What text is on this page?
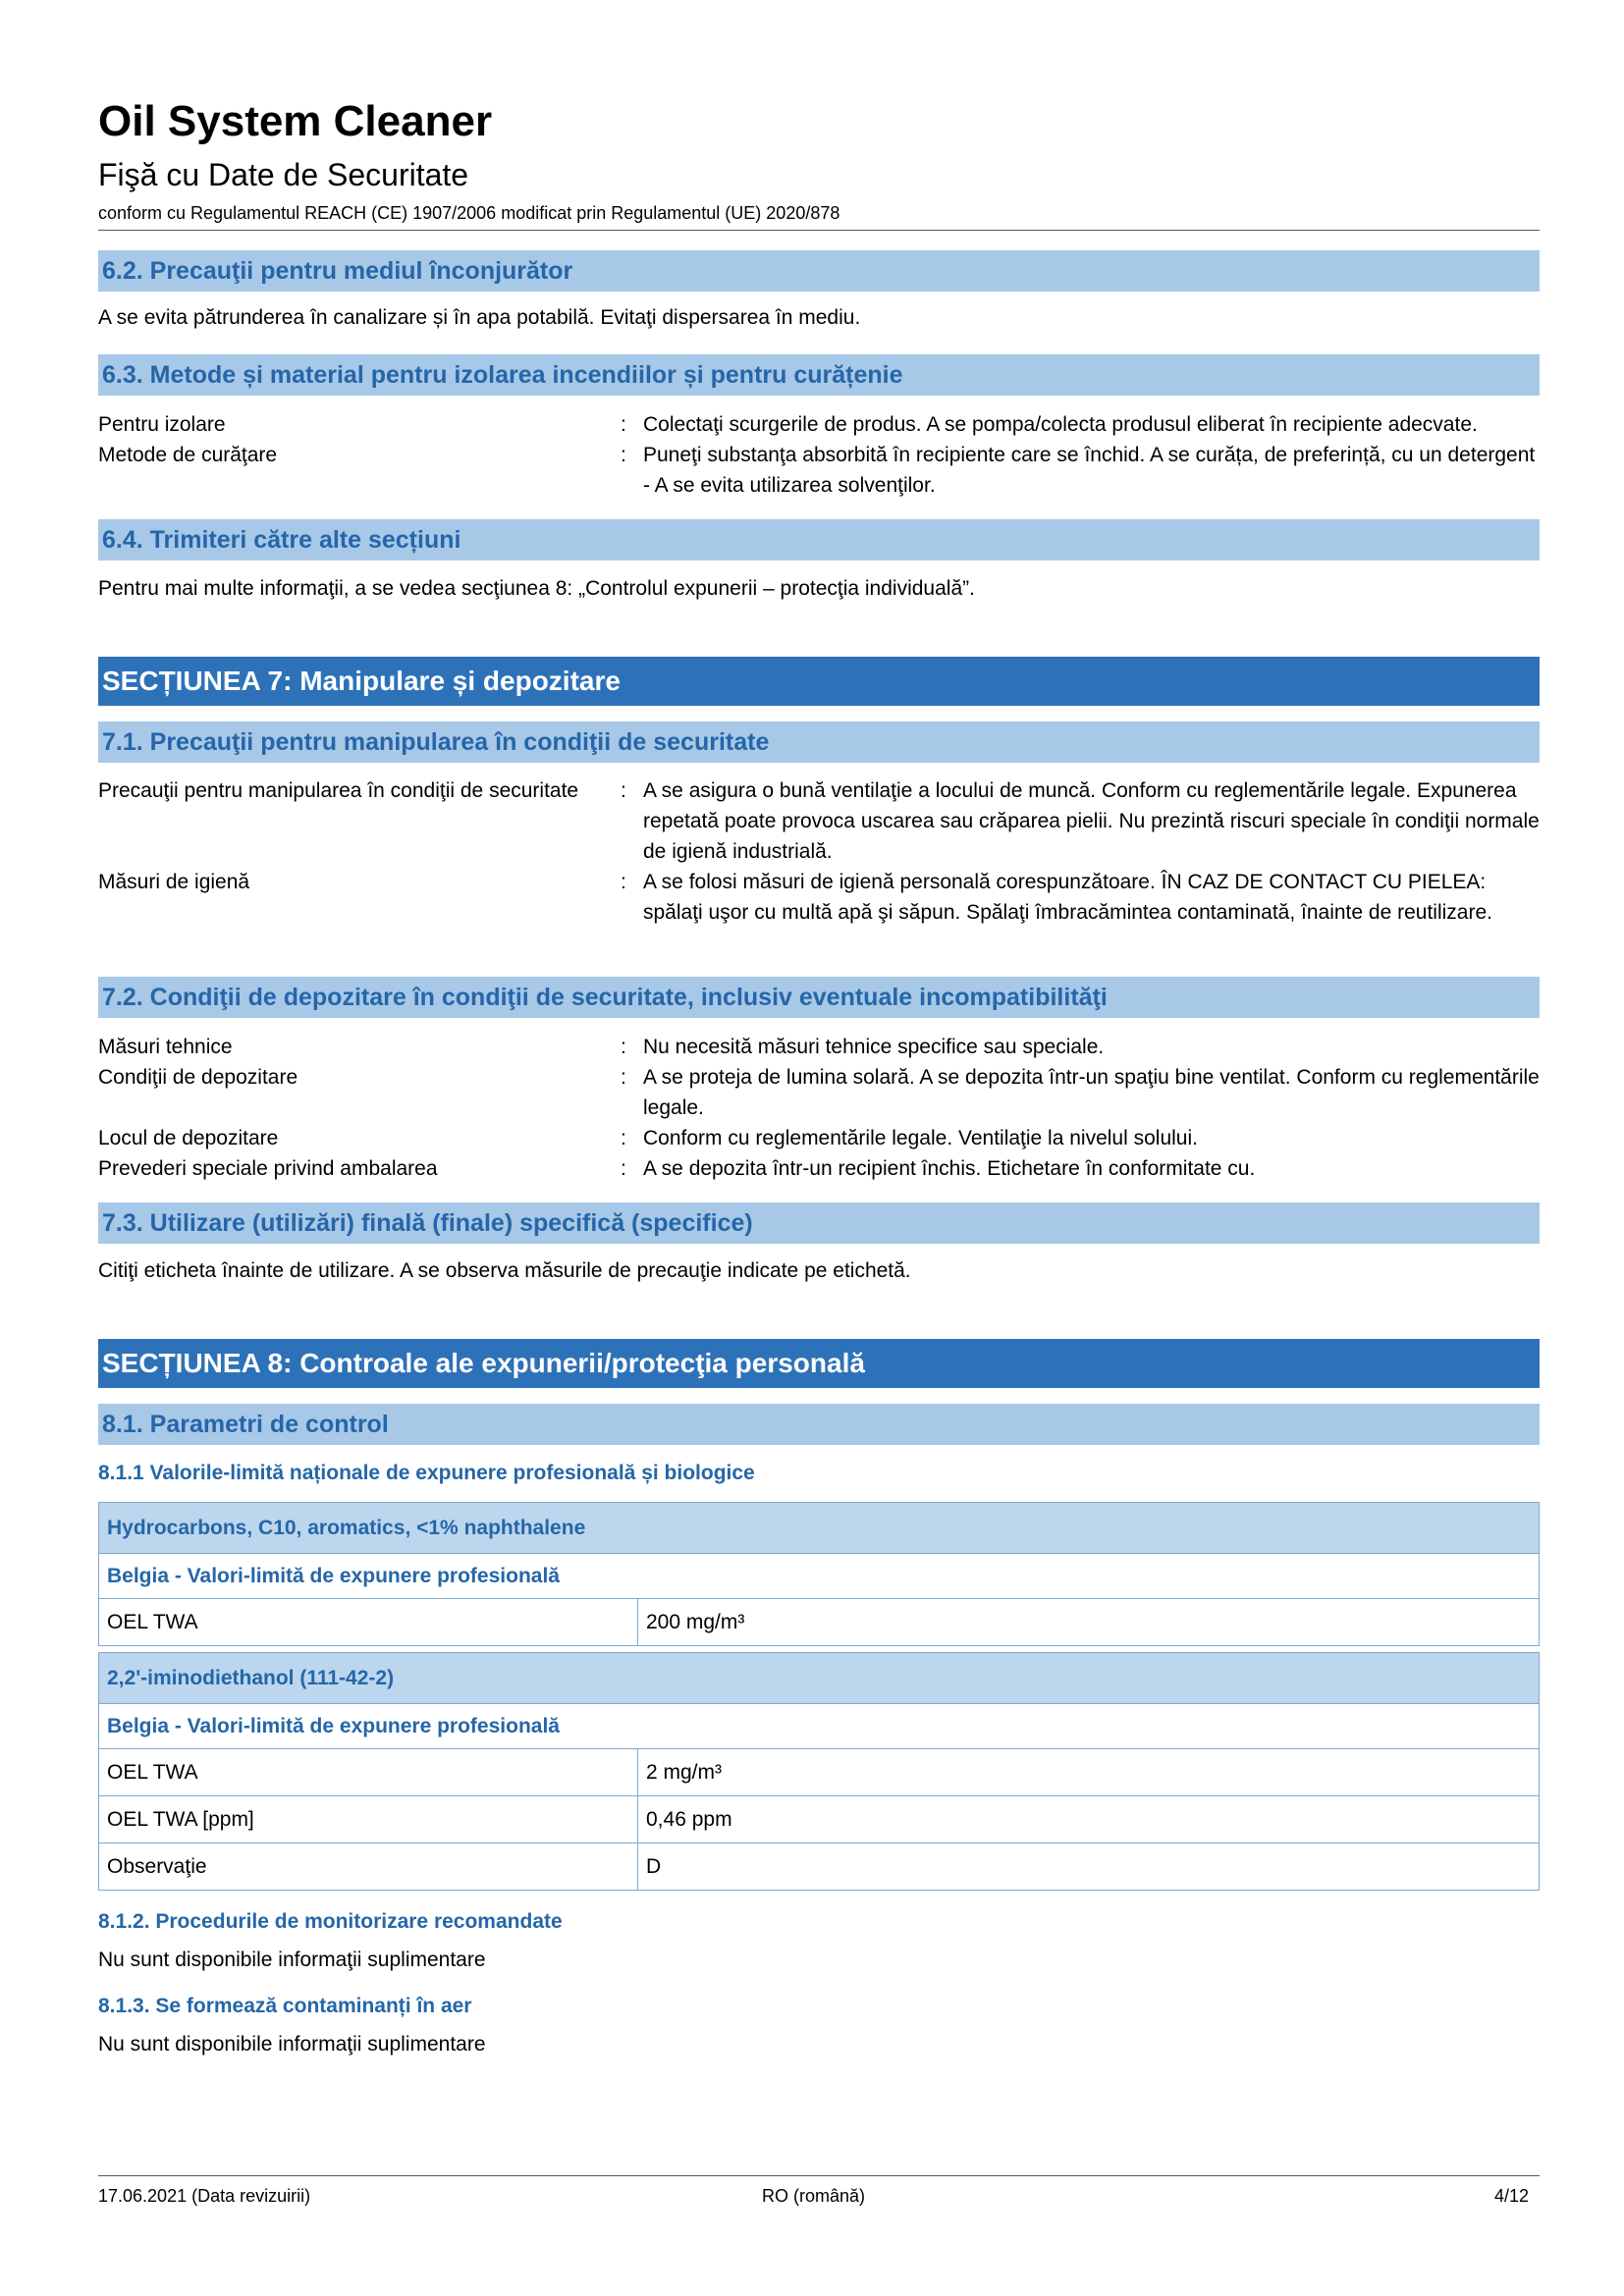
Oil System Cleaner
Fişă cu Date de Securitate
conform cu Regulamentul REACH (CE) 1907/2006 modificat prin Regulamentul (UE) 2020/878
6.2. Precauţii pentru mediul înconjurător
A se evita pătrunderea în canalizare și în apa potabilă. Evitaţi dispersarea în mediu.
6.3. Metode și material pentru izolarea incendiilor și pentru curățenie
Pentru izolare	: Colectaţi scurgerile de produs. A se pompa/colecta produsul eliberat în recipiente adecvate.
Metode de curăţare	: Puneţi substanţa absorbită în recipiente care se închid. A se curăța, de preferință, cu un detergent - A se evita utilizarea solvenţilor.
6.4. Trimiteri către alte secțiuni
Pentru mai multe informaţii, a se vedea secţiunea 8: „Controlul expunerii – protecţia individuală”.
SECȚIUNEA 7: Manipulare și depozitare
7.1. Precauţii pentru manipularea în condiţii de securitate
Precauţii pentru manipularea în condiţii de securitate	: A se asigura o bună ventilaţie a locului de muncă. Conform cu reglementările legale. Expunerea repetată poate provoca uscarea sau crăparea pielii. Nu prezintă riscuri speciale în condiţii normale de igienă industrială.
Măsuri de igienă	: A se folosi măsuri de igienă personală corespunzătoare. ÎN CAZ DE CONTACT CU PIELEA: spălaţi uşor cu multă apă şi săpun. Spălaţi îmbracămintea contaminată, înainte de reutilizare.
7.2. Condiţii de depozitare în condiţii de securitate, inclusiv eventuale incompatibilităţi
Măsuri tehnice	: Nu necesită măsuri tehnice specifice sau speciale.
Condiţii de depozitare	: A se proteja de lumina solară. A se depozita într-un spaţiu bine ventilat. Conform cu reglementările legale.
Locul de depozitare	: Conform cu reglementările legale. Ventilaţie la nivelul solului.
Prevederi speciale privind ambalarea	: A se depozita într-un recipient închis. Etichetare în conformitate cu.
7.3. Utilizare (utilizări) finală (finale) specifică (specifice)
Citiţi eticheta înainte de utilizare. A se observa măsurile de precauţie indicate pe etichetă.
SECȚIUNEA 8: Controale ale expunerii/protecţia personală
8.1. Parametri de control
8.1.1 Valorile-limită naționale de expunere profesională și biologice
Hydrocarbons, C10, aromatics, <1% naphthalene
Belgia - Valori-limită de expunere profesională
OEL TWA	200 mg/m³
2,2'-iminodiethanol (111-42-2)	
Belgia - Valori-limită de expunere profesională	
OEL TWA	2 mg/m³
OEL TWA [ppm]	0,46 ppm
Observaţie	D
8.1.2. Procedurile de monitorizare recomandate
Nu sunt disponibile informaţii suplimentare
8.1.3. Se formează contaminanți în aer
Nu sunt disponibile informaţii suplimentare
17.06.2021 (Data revizuirii)	RO (română)	4/12
